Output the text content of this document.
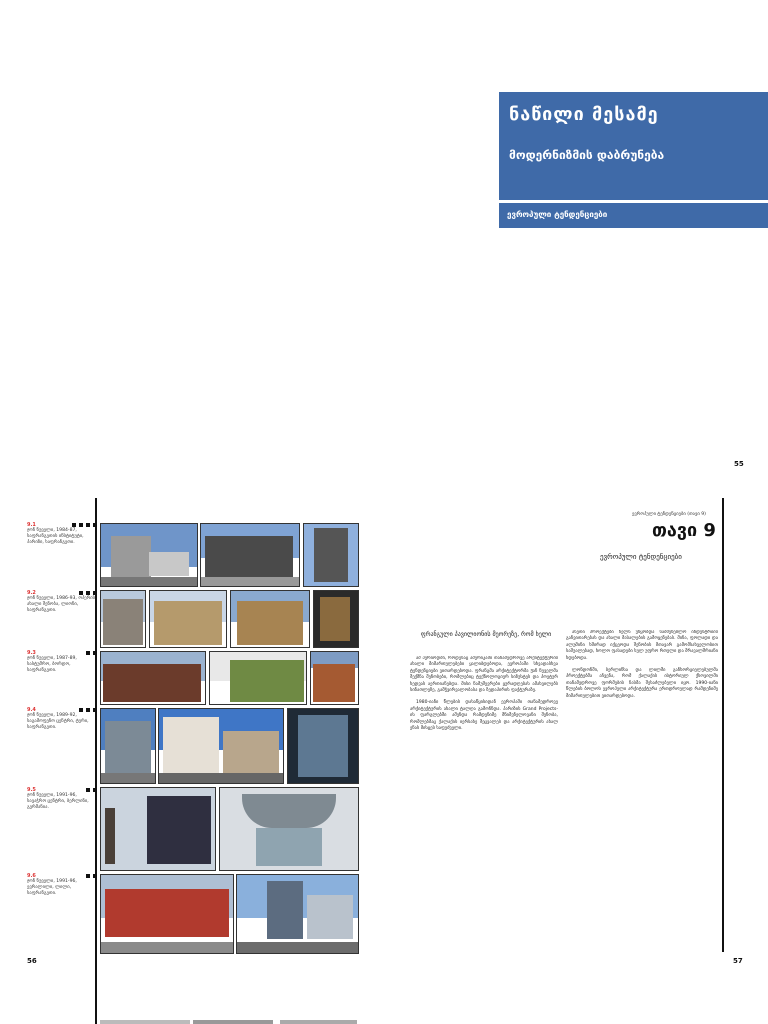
ნაწილი მესამე
მოდერნიზმის დაბრუნება
ევროპული ტენდენციები
55
9.1
ჯონ ნუველი, 1984-87, საფრანგეთის ინსტიტუტი, პარიზი, საფრანგეთი.
9.2
ჯონ ნუველი, 1986-93, ოპერის ახალი შენობა, ლიონი, საფრანგეთი.
9.3
ჯონ ნუველი, 1987-89, სასტუმრო, ბორდო, საფრანგეთი.
9.4
ჯონ ნუველი, 1989-92, საგამოფენო ცენტრი, ტური, საფრანგეთი.
9.5
ჯონ ნუველი, 1991-96, სავაჭრო ცენტრი, ბერლინი, გერმანია.
9.6
ჯონ ნუველი, 1991-96, ევრალილი, ლილი, საფრანგეთი.
56
ევროპული ტენდენციები (თავი 9)
თავი 9
ევროპული ტენდენციები
ფრანგული პავილიონის მეორეზე, რომ ხელი

ამ პერიოდში, როდესაც ამერიკაში თანამედროვე არქიტექტურის ახალი მიმართულებები ყალიბდებოდა, ევროპაში სხვადასხვა ტენდენციები ვითარდებოდა. ფრანგმა არქიტექტორმა ჟან ნუველმა შექმნა შენობები, რომლებიც ტექნოლოგიურ სიზუსტეს და პოეტურ ხედვას აერთიანებდა. მისი ნამუშევრები ყურადღებას ამახვილებს სინათლეზე, გამჭვირვალობასა და ზედაპირის ფაქტურაზე.

1980-იანი წლების დასაწყისიდან ევროპაში თანამედროვე არქიტექტურის ახალი ტალღა გამოჩნდა. პარიზის Grand Projects-ის ფარგლებში აშენდა რამდენიმე მნიშვნელოვანი შენობა, რომლებმაც ქალაქის იერსახე შეცვალეს და არქიტექტურის ახალ ენას მისცეს საფუძველი.

ასეთი პროექტები ხელს უწყობდა სამშენებლო ინდუსტრიის განვითარებას და ახალი მასალების გამოყენებას. მინა, ფოლადი და ალუმინი ხშირად იქცეოდა შენობის მთავარ გამომსახველობით საშუალებად, ხოლო ფასადები სულ უფრო რთული და მრავალშრიანი ხდებოდა.

ლონდონში, ბერლინსა და ლილში განხორციელებულმა პროექტებმა აჩვენა, რომ ქალაქის ისტორიულ ქსოვილში თანამედროვე ფორმების ჩასმა შესაძლებელი იყო. 1990-იანი წლების ბოლოს ევროპული არქიტექტურა ერთდროულად რამდენიმე მიმართულებით ვითარდებოდა.

57
